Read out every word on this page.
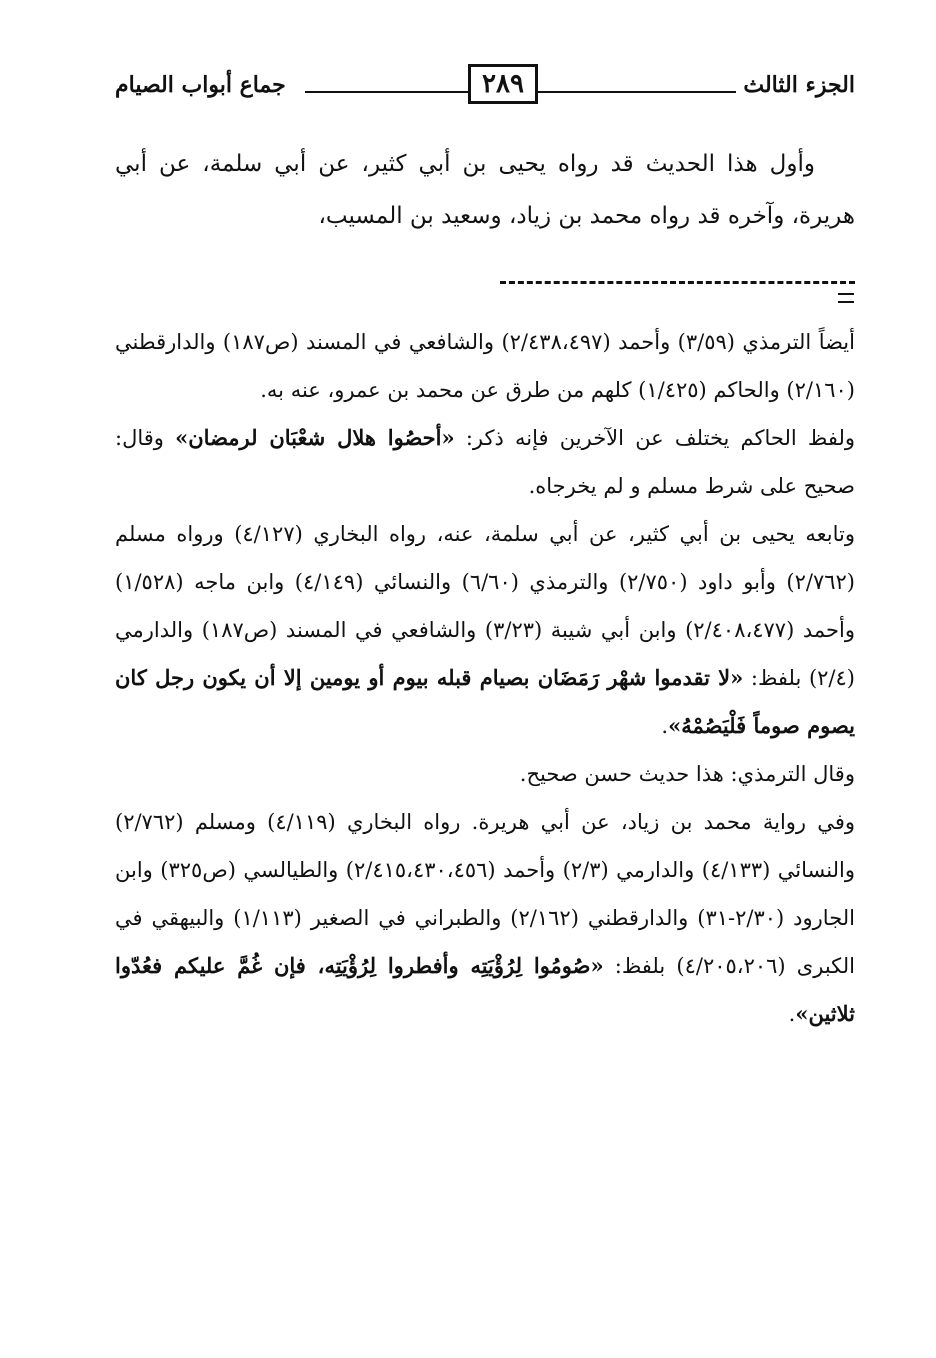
الجزء الثالث
٢٨٩
جماع أبواب الصيام

وأول هذا الحديث قد رواه يحيى بن أبي كثير، عن أبي سلمة، عن أبي هريرة، وآخره قد رواه محمد بن زياد، وسعيد بن المسيب،

أيضاً الترمذي (٣/٥٩) وأحمد (٢/٤٣٨،٤٩٧) والشافعي في المسند (ص١٨٧) والدارقطني (٢/١٦٠) والحاكم (١/٤٢٥) كلهم من طرق عن محمد بن عمرو، عنه به.

ولفظ الحاكم يختلف عن الآخرين فإنه ذكر: «أحصُوا هلال شعْبَان لرمضان» وقال: صحيح على شرط مسلم و لم يخرجاه.

وتابعه يحيى بن أبي كثير، عن أبي سلمة، عنه، رواه البخاري (٤/١٢٧) ورواه مسلم (٢/٧٦٢) وأبو داود (٢/٧٥٠) والترمذي (٦/٦٠) والنسائي (٤/١٤٩) وابن ماجه (١/٥٢٨) وأحمد (٢/٤٠٨،٤٧٧) وابن أبي شيبة (٣/٢٣) والشافعي في المسند (ص١٨٧) والدارمي (٢/٤) بلفظ: «لا تقدموا شهْر رَمَضَان بصيام قبله بيوم أو يومين إلا أن يكون رجل كان يصوم صوماً فَلْيَصُمْهُ».

وقال الترمذي: هذا حديث حسن صحيح.

وفي رواية محمد بن زياد، عن أبي هريرة. رواه البخاري (٤/١١٩) ومسلم (٢/٧٦٢) والنسائي (٤/١٣٣) والدارمي (٢/٣) وأحمد (٢/٤١٥،٤٣٠،٤٥٦) والطيالسي (ص٣٢٥) وابن الجارود (٢/٣٠-٣١) والدارقطني (٢/١٦٢) والطبراني في الصغير (١/١١٣) والبيهقي في الكبرى (٤/٢٠٥،٢٠٦) بلفظ: «صُومُوا لِرُؤْيَتِه وأفطروا لِرُؤْيَتِه، فإن غُمَّ عليكم فعُدّوا ثلاثين».
